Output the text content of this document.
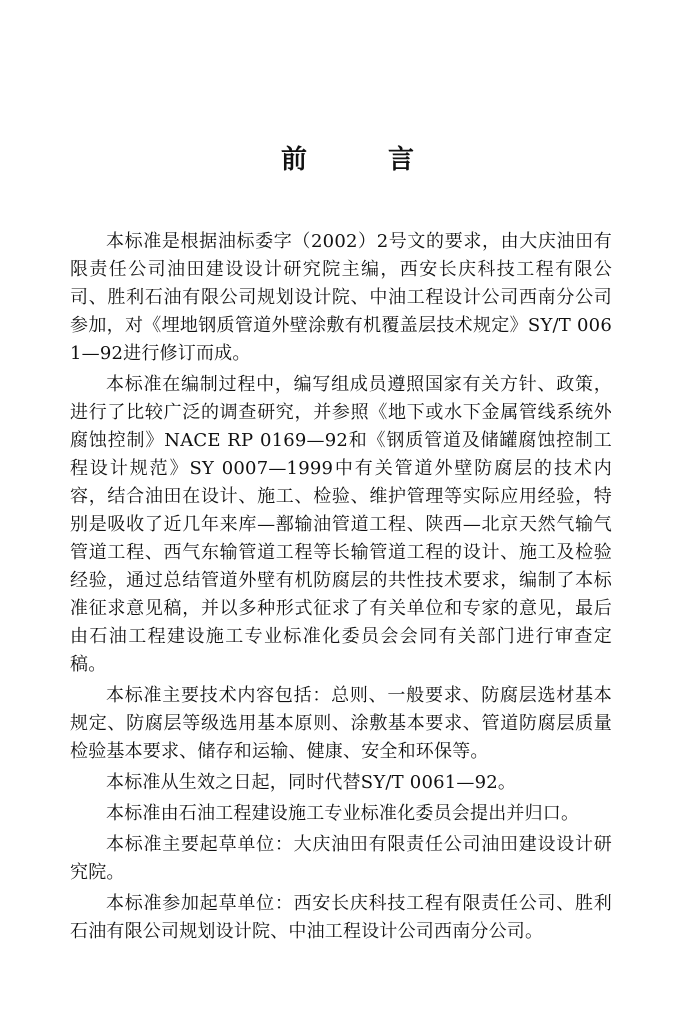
前 言

本标准是根据油标委字（2002）2号文的要求，由大庆油田有限责任公司油田建设设计研究院主编，西安长庆科技工程有限公司、胜利石油有限公司规划设计院、中油工程设计公司西南分公司参加，对《埋地钢质管道外壁涂敷有机覆盖层技术规定》SY/T 0061—92进行修订而成。

本标准在编制过程中，编写组成员遵照国家有关方针、政策，进行了比较广泛的调查研究，并参照《地下或水下金属管线系统外腐蚀控制》NACE RP 0169—92和《钢质管道及储罐腐蚀控制工程设计规范》SY 0007—1999中有关管道外壁防腐层的技术内容，结合油田在设计、施工、检验、维护管理等实际应用经验，特别是吸收了近几年来库—鄯输油管道工程、陕西—北京天然气输气管道工程、西气东输管道工程等长输管道工程的设计、施工及检验经验，通过总结管道外壁有机防腐层的共性技术要求，编制了本标准征求意见稿，并以多种形式征求了有关单位和专家的意见，最后由石油工程建设施工专业标准化委员会会同有关部门进行审查定稿。

本标准主要技术内容包括：总则、一般要求、防腐层选材基本规定、防腐层等级选用基本原则、涂敷基本要求、管道防腐层质量检验基本要求、储存和运输、健康、安全和环保等。

本标准从生效之日起，同时代替SY/T 0061—92。

本标准由石油工程建设施工专业标准化委员会提出并归口。

本标准主要起草单位：大庆油田有限责任公司油田建设设计研究院。

本标准参加起草单位：西安长庆科技工程有限责任公司、胜利石油有限公司规划设计院、中油工程设计公司西南分公司。
